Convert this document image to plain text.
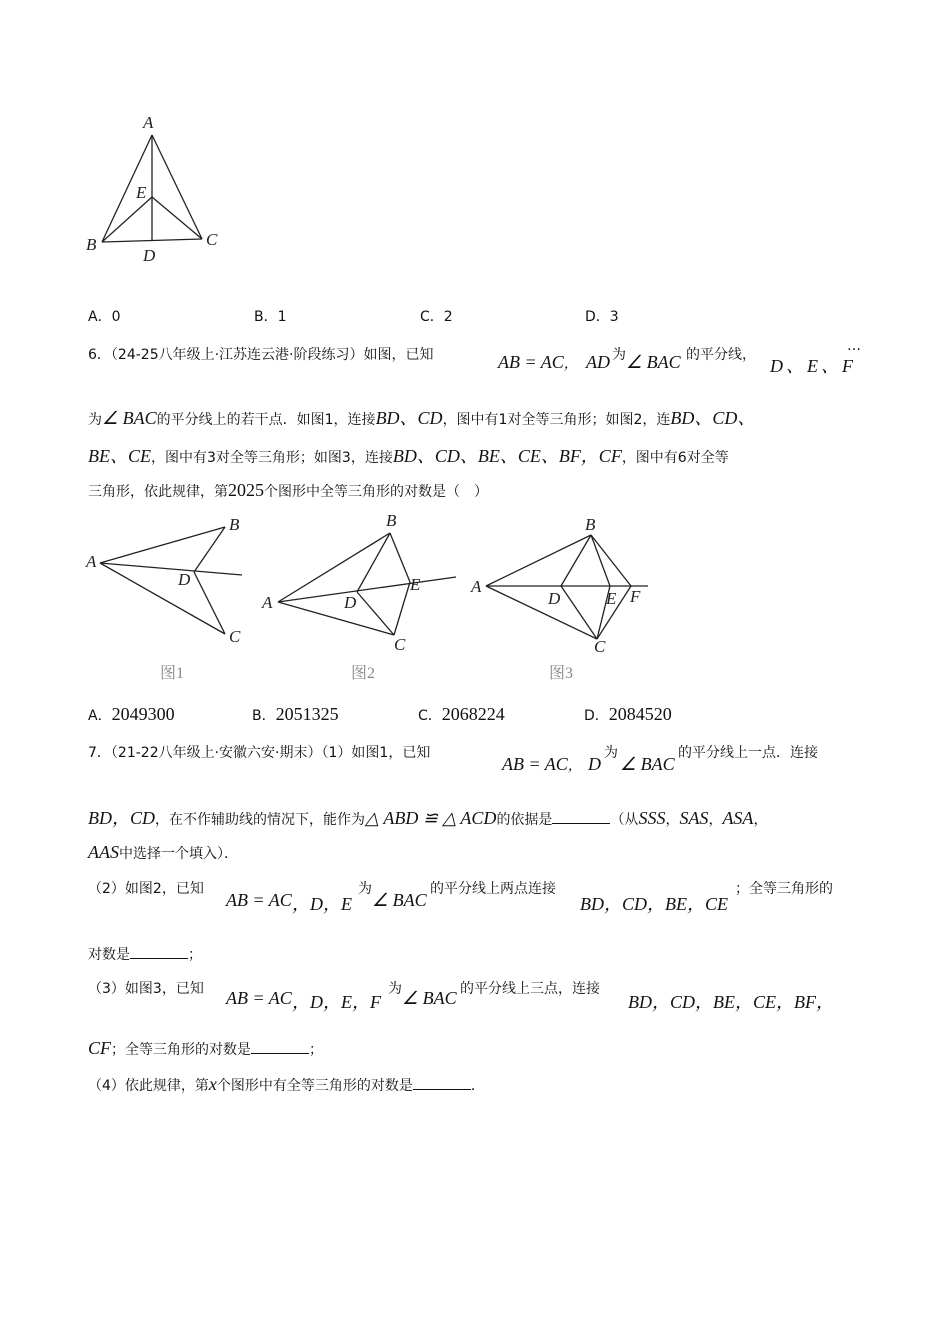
A
E
B	C
D
A．0	B．1	C．2	D．3
6．（24-25八年级上·江苏连云港·阶段练习）如图，已知	AB = AC， AD 为 ∠ BAC 的平分线，
D、E、F
…
为∠ BAC的平分线上的若干点．如图1，连接BD、CD，图中有1对全等三角形；如图2，连BD、CD、
BE、CE，图中有3对全等三角形；如图3，连接BD、CD、BE、CE、BF，CF，图中有6对全等
三角形，依此规律，第2025个图形中全等三角形的对数是（　）
A
B
D
C
图1
A
B
D
E
C
图2
A
B
D	E F
C
图3
A．2049300	B．2051325	C．2068224	D．2084520
7．（21-22八年级上·安徽六安·期末）（1）如图1，已知
AB = AC， D
为
∠ BAC
的平分线上一点．连接
BD，CD，在不作辅助线的情况下，能作为△ ABD ≌ △ ACD的依据是	（从SSS，SAS，ASA，
AAS中选择一个填入）．
（2）如图2，已知
AB = AC ，D，E
为
∠ BAC
的平分线上两点连接
BD，CD，BE，CE
；全等三角形的
对数是	；
（3）如图3，已知 AB = AC ，D，E，F
为 ∠ BAC 的平分线上三点，连接
BD，CD，BE，CE，BF，
CF；全等三角形的对数是	；
（4）依此规律，第x个图形中有全等三角形的对数是	．
